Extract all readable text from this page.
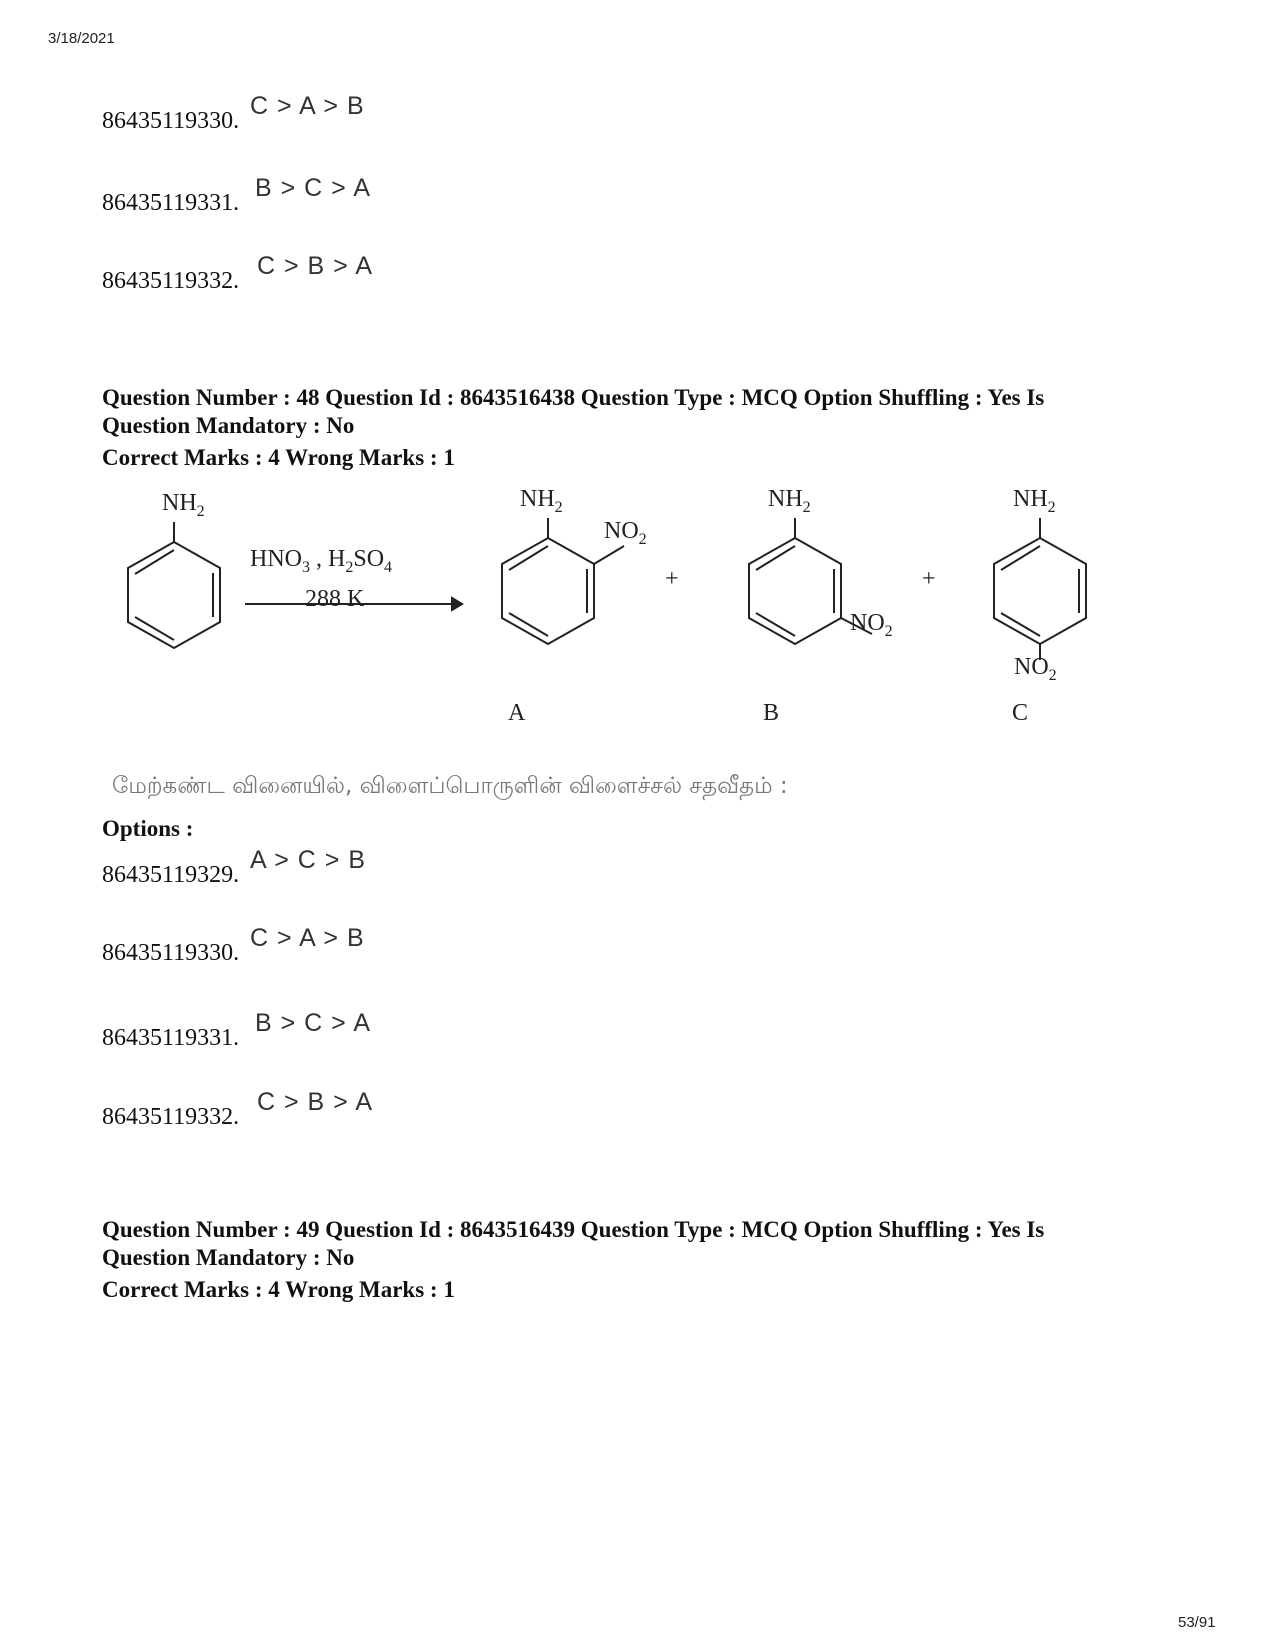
3/18/2021
86435119330.
C > A > B
86435119331.
B > C > A
86435119332.
C > B > A
Question Number : 48 Question Id : 8643516438 Question Type : MCQ Option Shuffling : Yes Is
Question Mandatory : No
Correct Marks : 4 Wrong Marks : 1
$NH_2$
$HNO_3$ , $H_2SO_4$
288 K
$NH_2$
$NO_2$
+	+
$NH_2$
$NO_2$
$NH_2$
$NO_2$
A	B	C
மேற்கண்ட வினையில், விளைப்பொருளின் விளைச்சல் சதவீதம் :
Options :
86435119329.
A > C > B
86435119330.
C > A > B
86435119331.
B > C > A
86435119332.
C > B > A
Question Number : 49 Question Id : 8643516439 Question Type : MCQ Option Shuffling : Yes Is
Question Mandatory : No
Correct Marks : 4 Wrong Marks : 1
53/91
